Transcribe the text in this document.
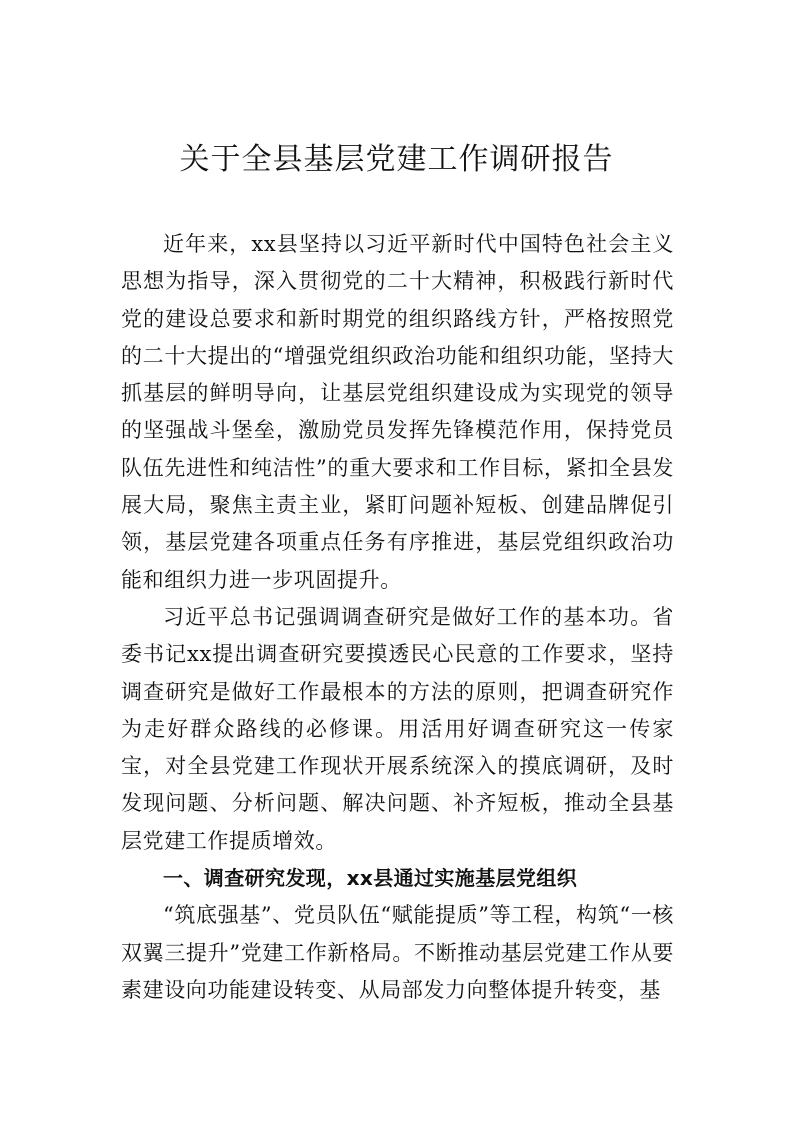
关于全县基层党建工作调研报告

近年来，xx县坚持以习近平新时代中国特色社会主义思想为指导，深入贯彻党的二十大精神，积极践行新时代党的建设总要求和新时期党的组织路线方针，严格按照党的二十大提出的“增强党组织政治功能和组织功能，坚持大抓基层的鲜明导向，让基层党组织建设成为实现党的领导的坚强战斗堡垒，激励党员发挥先锋模范作用，保持党员队伍先进性和纯洁性”的重大要求和工作目标，紧扣全县发展大局，聚焦主责主业，紧盯问题补短板、创建品牌促引领，基层党建各项重点任务有序推进，基层党组织政治功能和组织力进一步巩固提升。

习近平总书记强调调查研究是做好工作的基本功。省委书记xx提出调查研究要摸透民心民意的工作要求，坚持调查研究是做好工作最根本的方法的原则，把调查研究作为走好群众路线的必修课。用活用好调查研究这一传家宝，对全县党建工作现状开展系统深入的摸底调研，及时发现问题、分析问题、解决问题、补齐短板，推动全县基层党建工作提质增效。

一、调查研究发现，xx县通过实施基层党组织

“筑底强基”、党员队伍“赋能提质”等工程，构筑“一核双翼三提升”党建工作新格局。不断推动基层党建工作从要素建设向功能建设转变、从局部发力向整体提升转变，基
